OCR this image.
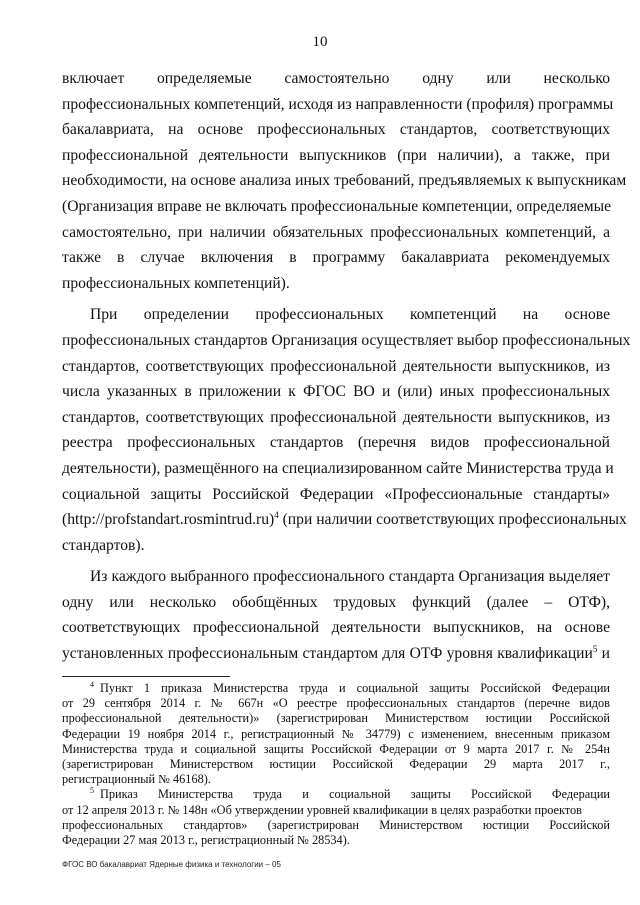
10

включает определяемые самостоятельно одну или несколько
профессиональных компетенций, исходя из направленности (профиля) программы
бакалавриата, на основе профессиональных стандартов, соответствующих
профессиональной деятельности выпускников (при наличии), а также, при
необходимости, на основе анализа иных требований, предъявляемых к выпускникам
(Организация вправе не включать профессиональные компетенции, определяемые
самостоятельно, при наличии обязательных профессиональных компетенций, а
также в случае включения в программу бакалавриата рекомендуемых
профессиональных компетенций).

При определении профессиональных компетенций на основе
профессиональных стандартов Организация осуществляет выбор профессиональных
стандартов, соответствующих профессиональной деятельности выпускников, из
числа указанных в приложении к ФГОС ВО и (или) иных профессиональных
стандартов, соответствующих профессиональной деятельности выпускников, из
реестра профессиональных стандартов (перечня видов профессиональной
деятельности), размещённого на специализированном сайте Министерства труда и
социальной защиты Российской Федерации «Профессиональные стандарты»
(http://profstandart.rosmintrud.ru)$^4$ (при наличии соответствующих профессиональных
стандартов).

Из каждого выбранного профессионального стандарта Организация выделяет
одну или несколько обобщённых трудовых функций (далее – ОТФ),
соответствующих профессиональной деятельности выпускников, на основе
установленных профессиональным стандартом для ОТФ уровня квалификации$^5$ и

$^4$ Пункт 1 приказа Министерства труда и социальной защиты Российской Федерации
от 29 сентября 2014 г. № 667н «О реестре профессиональных стандартов (перечне видов
профессиональной деятельности)» (зарегистрирован Министерством юстиции Российской
Федерации 19 ноября 2014 г., регистрационный № 34779) с изменением, внесенным приказом
Министерства труда и социальной защиты Российской Федерации от 9 марта 2017 г. № 254н
(зарегистрирован Министерством юстиции Российской Федерации 29 марта 2017 г.,
регистрационный № 46168).
$^5$ Приказ Министерства труда и социальной защиты Российской Федерации
от 12 апреля 2013 г. № 148н «Об утверждении уровней квалификации в целях разработки проектов
профессиональных стандартов» (зарегистрирован Министерством юстиции Российской
Федерации 27 мая 2013 г., регистрационный № 28534).
ФГОС ВО бакалавриат Ядерные физика и технологии – 05
